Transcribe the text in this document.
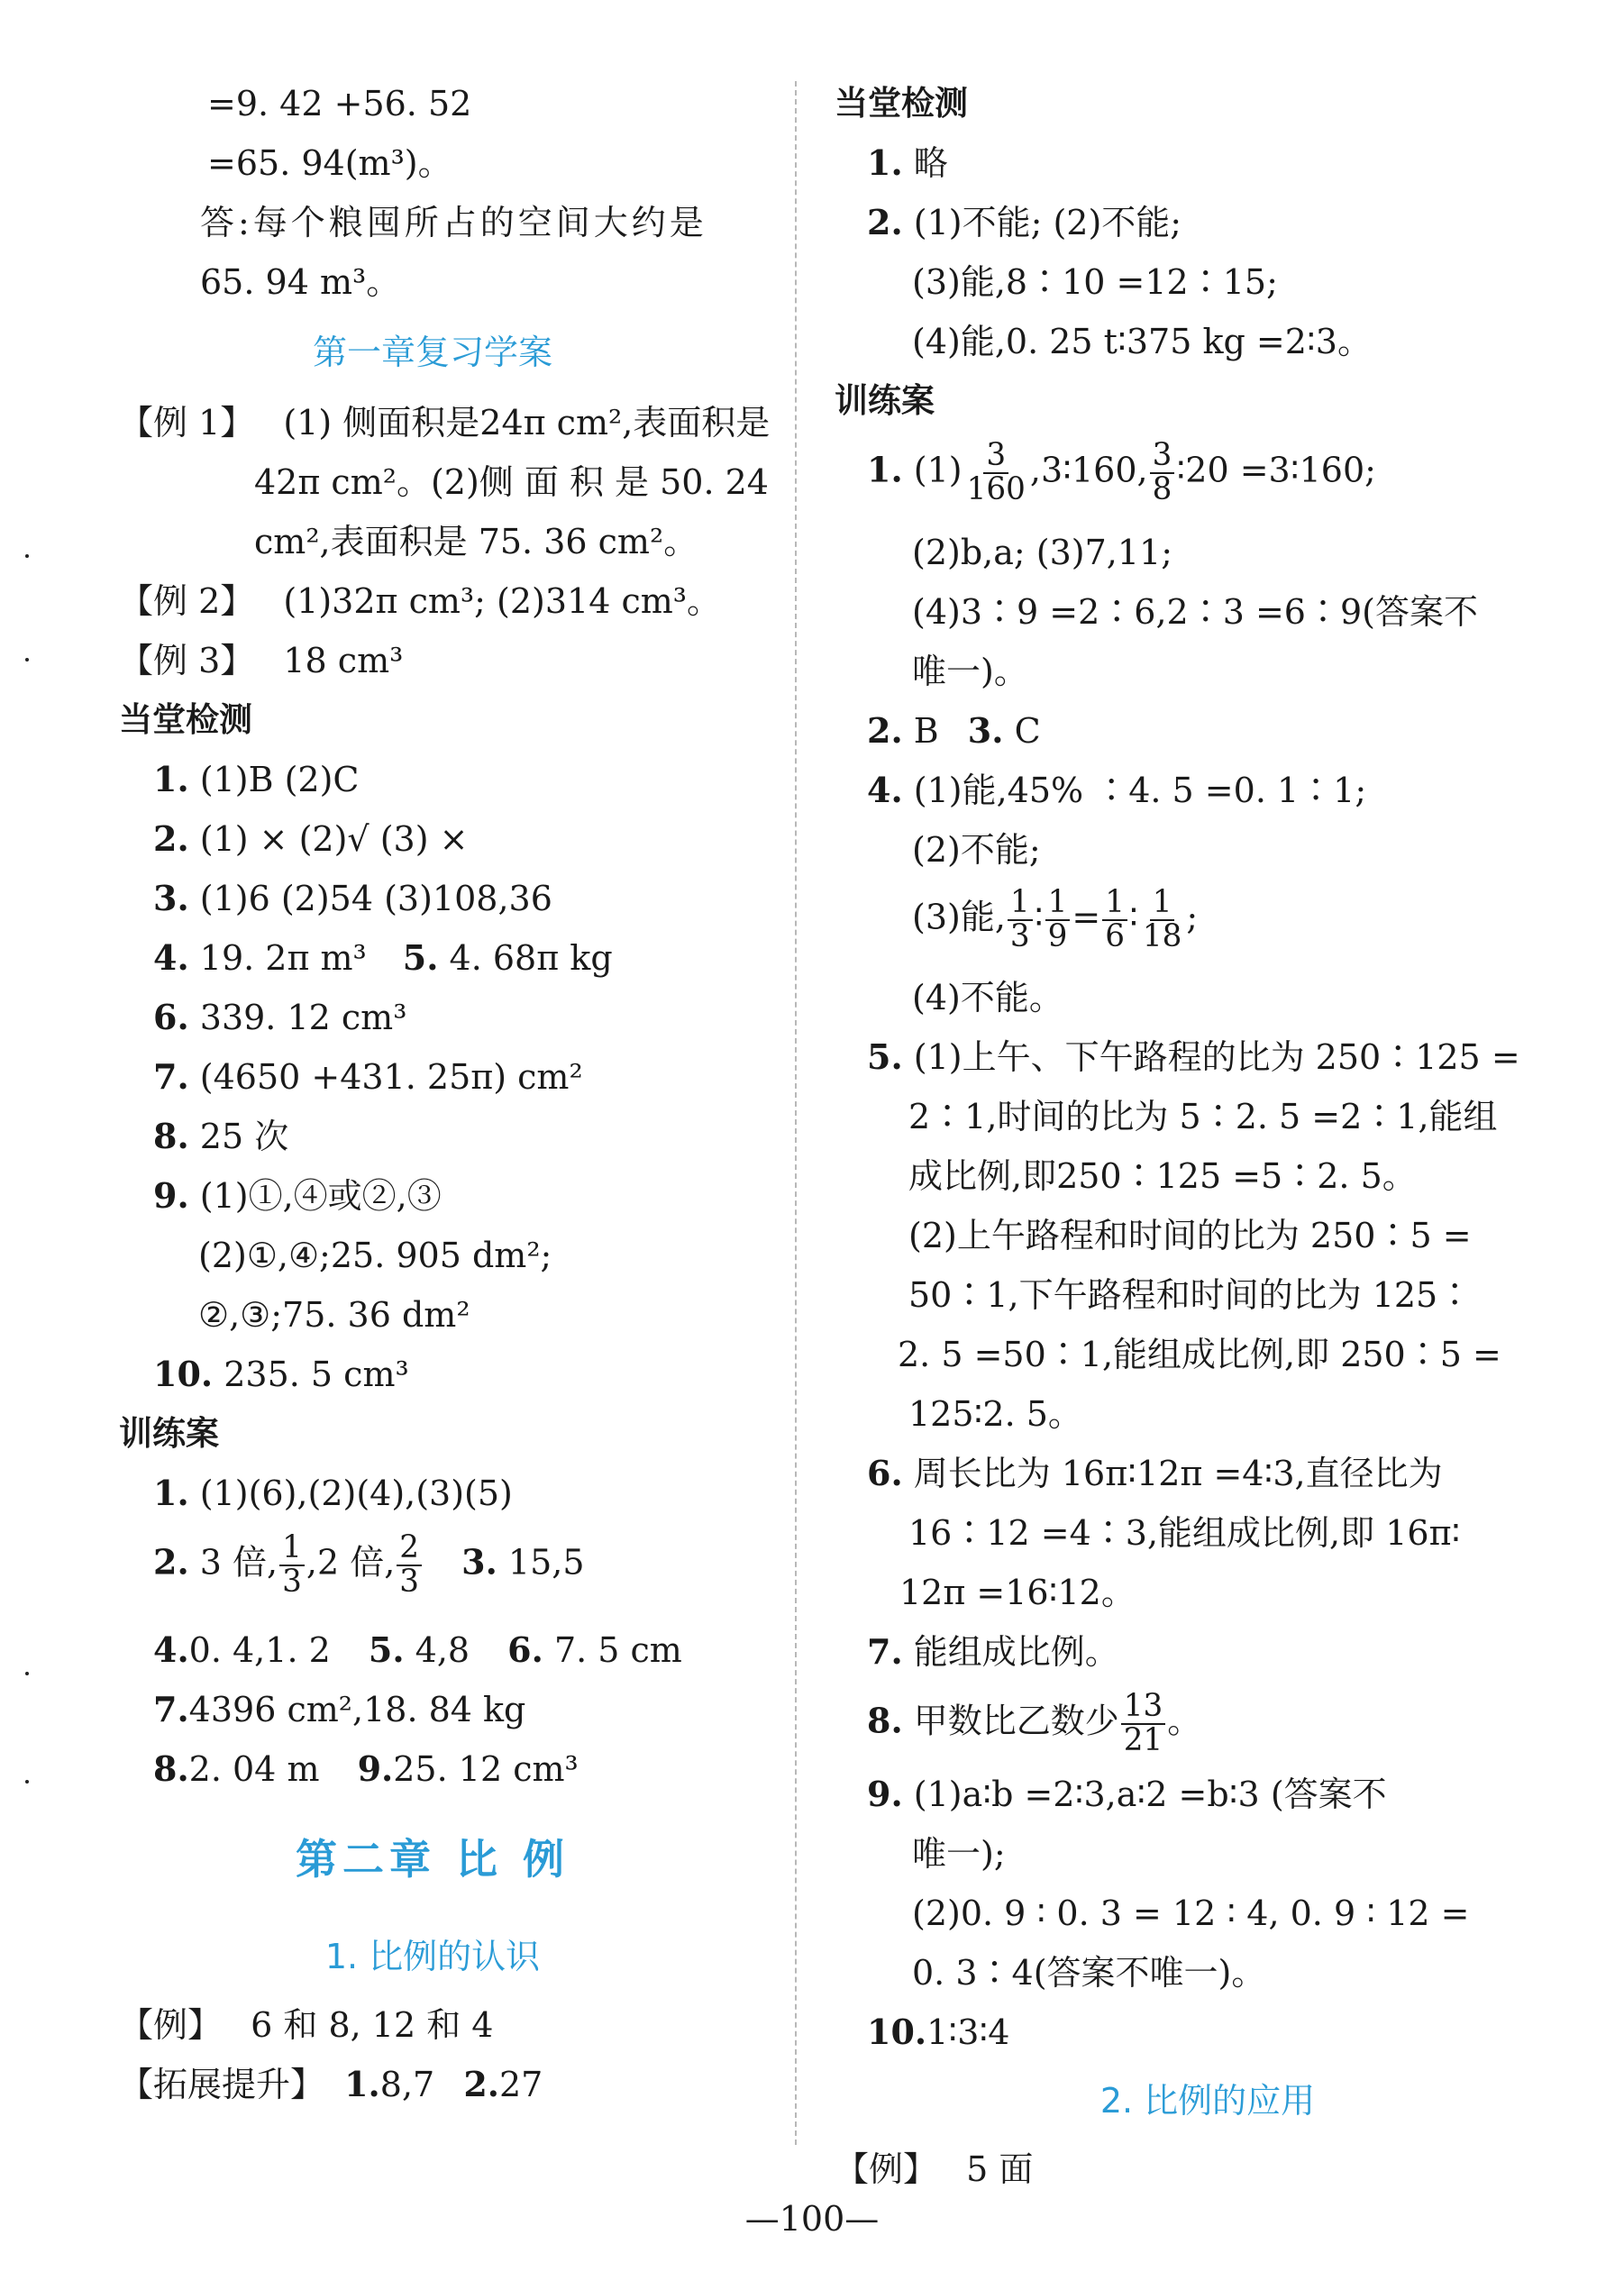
=9. 42 +56. 52
=65. 94(m³)。
答:每个粮囤所占的空间大约是
65. 94 m³。
第一章复习学案
【例 1】 (1) 侧面积是24π cm²,表面积是
42π cm²。(2)侧 面 积 是 50. 24
cm²,表面积是 75. 36 cm²。
【例 2】 (1)32π cm³; (2)314 cm³。
【例 3】 18 cm³
当堂检测
1. (1)B (2)C
2. (1) × (2)√ (3) ×
3. (1)6 (2)54 (3)108,36
4. 19. 2π m³ 5. 4. 68π kg
6. 339. 12 cm³
7. (4650 +431. 25π) cm²
8. 25 次
9. (1)①,④或②,③
(2)①,④;25. 905 dm²;
②,③;75. 36 dm²
10. 235. 5 cm³
训练案
1. (1)(6),(2)(4),(3)(5)
2. 3 倍, $\frac{1}{3} ,2$ 倍, $\frac{2}{3} 3$. 15,5
4.0. 4,1. 2 5. 4,8 6. 7. 5 cm
7.4396 cm²,18. 84 kg
8.2. 04 m 9.25. 12 cm³
第二章 比 例
1. 比例的认识
【例】 6 和 8, 12 和 4
【拓展提升】 1.8,7 2.27
当堂检测
1. 略
2. (1)不能; (2)不能;
(3)能,8∶10 =12∶15;
(4)能,0. 25 t∶375 kg =2∶3。
训练案
1. $(1) \frac{3}{160}$ ,3∶160, $\frac{3}{8}$ ∶20 =3∶160;
(2)b,a; (3)7,11;
(4)3∶9 =2∶6,2∶3 =6∶9(答案不
唯一)。
2. B 3. C
4. (1)能,45% ∶4. 5 =0. 1∶1;
(2)不能;
(3)能, $\frac{1}{3}$ ∶ $\frac{1}{9} = \frac{1}{6}$ ∶ $\frac{1}{18}$ ;
(4)不能。
5. (1)上午、下午路程的比为 250∶125 =
2∶1,时间的比为 5∶2. 5 =2∶1,能组
成比例,即250∶125 =5∶2. 5。
(2)上午路程和时间的比为 250∶5 =
50∶1,下午路程和时间的比为 125∶
2. 5 =50∶1,能组成比例,即 250∶5 =
125∶2. 5。
6. 周长比为 16π∶12π =4∶3,直径比为
16∶12 =4∶3,能组成比例,即 16π∶
12π =16∶12。
7. 能组成比例。
8. 甲数比乙数少 $\frac{13}{21}$ 。
9. (1)a∶b =2∶3,a∶2 =b∶3 (答案不
唯一);
(2)0. 9 ∶ 0. 3 = 12 ∶ 4, 0. 9 ∶ 12 =
0. 3∶4(答案不唯一)。
10.1∶3∶4
2. 比例的应用
【例】 5 面
—100—
